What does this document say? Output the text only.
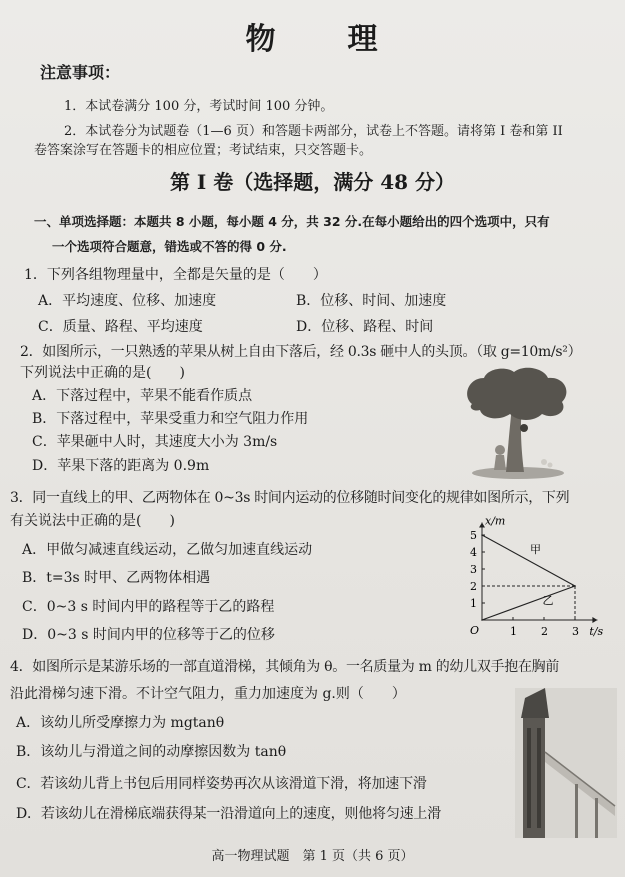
物 理
注意事项：
1．本试卷满分 100 分，考试时间 100 分钟。
2．本试卷分为试题卷（1—6 页）和答题卡两部分，试卷上不答题。请将第 I 卷和第 II
卷答案涂写在答题卡的相应位置；考试结束，只交答题卡。
第 I 卷（选择题，满分 48 分）
一、单项选择题：本题共 8 小题，每小题 4 分，共 32 分.在每小题给出的四个选项中，只有
一个选项符合题意，错选或不答的得 0 分.
1．下列各组物理量中，全都是矢量的是（　　）
A．平均速度、位移、加速度	B．位移、时间、加速度
C．质量、路程、平均速度	D．位移、路程、时间
2．如图所示，一只熟透的苹果从树上自由下落后，经 0.3s 砸中人的头顶。（取 g=10m/s²）
下列说法中正确的是(　　)
A．下落过程中，苹果不能看作质点
B．下落过程中，苹果受重力和空气阻力作用
C．苹果砸中人时，其速度大小为 3m/s
D．苹果下落的距离为 0.9m
3．同一直线上的甲、乙两物体在 0~3s 时间内运动的位移随时间变化的规律如图所示，下列
有关说法中正确的是(　　)
A．甲做匀减速直线运动，乙做匀加速直线运动
B．t=3s 时甲、乙两物体相遇
C．0~3 s 时间内甲的路程等于乙的路程
D．0~3 s 时间内甲的位移等于乙的位移
x/m
t/s
O
1
2
3
4
5
1 2 3
甲
乙
4．如图所示是某游乐场的一部直道滑梯，其倾角为 θ。一名质量为 m 的幼儿双手抱在胸前
沿此滑梯匀速下滑。不计空气阻力，重力加速度为 g.则（　　）
A．该幼儿所受摩擦力为 mgtanθ
B．该幼儿与滑道之间的动摩擦因数为 tanθ
C．若该幼儿背上书包后用同样姿势再次从该滑道下滑，将加速下滑
D．若该幼儿在滑梯底端获得某一沿滑道向上的速度，则他将匀速上滑
高一物理试题　第 1 页（共 6 页）
